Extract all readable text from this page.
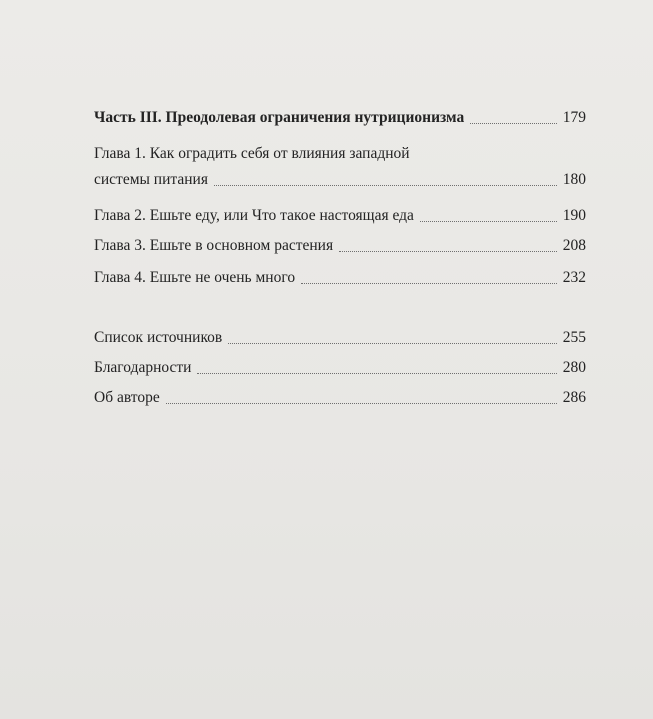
Часть III. Преодолевая ограничения нутриционизма	179
Глава 1. Как оградить себя от влияния западной
системы питания	180
Глава 2. Ешьте еду, или Что такое настоящая еда	190
Глава 3. Ешьте в основном растения	208
Глава 4. Ешьте не очень много	232
Список источников	255
Благодарности	280
Об авторе	286
